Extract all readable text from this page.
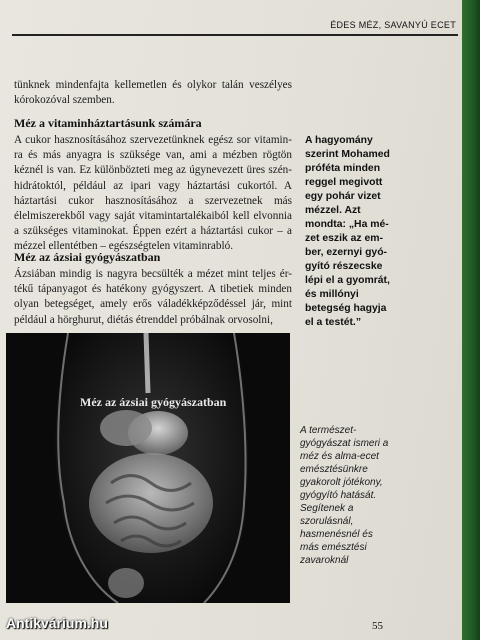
ÉDES MÉZ, SAVANYÚ ECET
tünknek mindenfajta kellemetlen és olykor talán veszélyes kórokozóval szemben.
Méz a vitaminháztartásunk számára
A cukor hasznosításához szervezetünknek egész sor vitamin-ra és más anyagra is szüksége van, ami a mézben rögtön kéznél is van. Ez különbözteti meg az úgynevezett üres szén-hidrátoktól, például az ipari vagy háztartási cukortól. A háztartási cukor hasznosításához a szervezetnek más élelmiszerekből vagy saját vitamintartalékaiból kell elvonnia a szükséges vitaminokat. Éppen ezért a háztartási cukor – a mézzel ellentétben – egészségtelen vitaminrabló.
Méz az ázsiai gyógyászatban
Ázsiában mindig is nagyra becsülték a mézet mint teljes ér-tékű tápanyagot és hatékony gyógyszert. A tibetiek minden olyan betegséget, amely erős váladékképződéssel jár, mint például a hörghurut, diétás étrenddel próbálnak orvosolni,
A hagyomány szerint Mohamed próféta minden reggel megivott egy pohár vizet mézzel. Azt mondta: „Ha mé-zet eszik az em-ber, ezernyi gyó-gyító részecske lépi el a gyomrát, és millónyi betegség hagyja el a testét.”
Méz az ázsiai gyógyászatban
A természet-gyógyászat ismeri a méz és alma-ecet emésztésünkre gyakorolt jótékony, gyógyító hatását. Segítenek a szorulásnál, hasmenésnél és más emésztési zavaroknál
55
Antikvárium.hu
